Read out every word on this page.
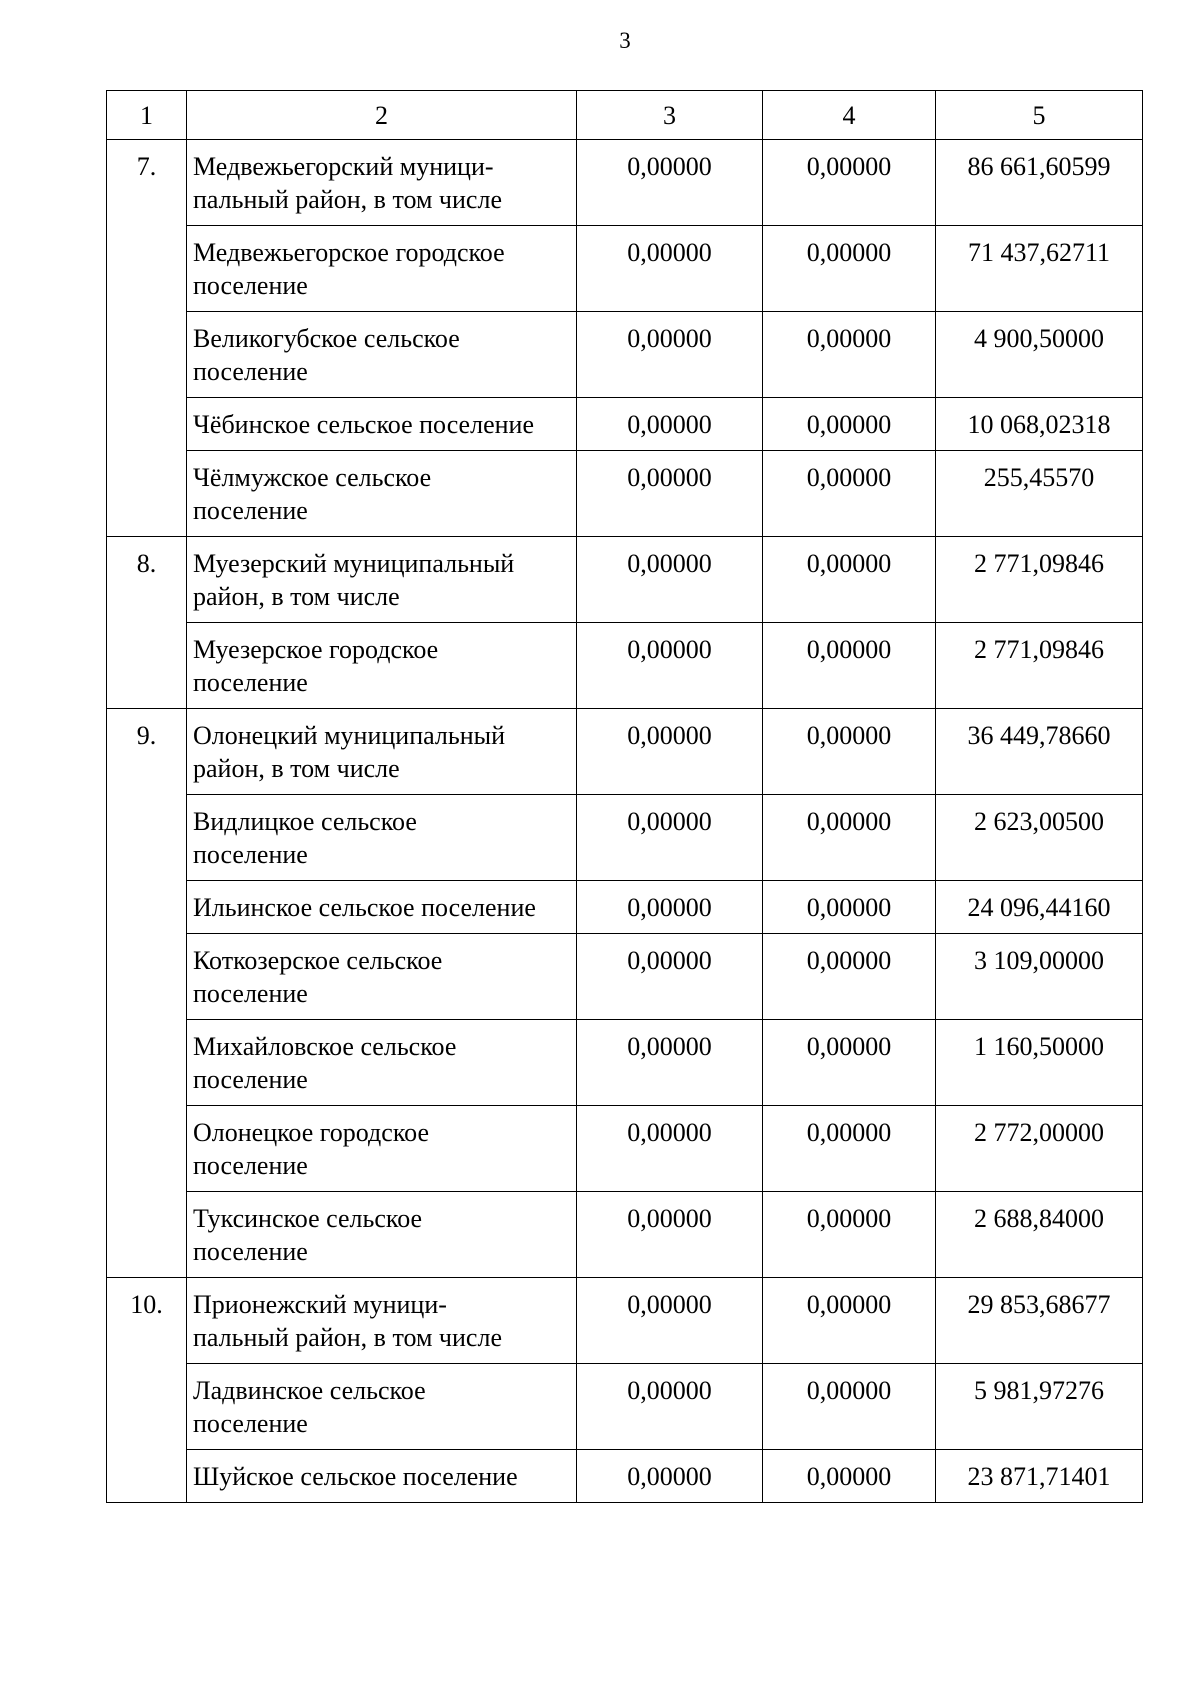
3
1	2	3	4	5
7.	Медвежьегорский муници-
пальный район, в том числе	0,00000	0,00000	86 661,60599
	Медвежьегорское городское
поселение	0,00000	0,00000	71 437,62711
	Великогубское сельское
поселение	0,00000	0,00000	4 900,50000
	Чёбинское сельское поселение	0,00000	0,00000	10 068,02318
	Чёлмужское сельское
поселение	0,00000	0,00000	255,45570
8.	Муезерский муниципальный
район, в том числе	0,00000	0,00000	2 771,09846
	Муезерское городское
поселение	0,00000	0,00000	2 771,09846
9.	Олонецкий муниципальный
район, в том числе	0,00000	0,00000	36 449,78660
	Видлицкое сельское
поселение	0,00000	0,00000	2 623,00500
	Ильинское сельское поселение	0,00000	0,00000	24 096,44160
	Коткозерское сельское
поселение	0,00000	0,00000	3 109,00000
	Михайловское сельское
поселение	0,00000	0,00000	1 160,50000
	Олонецкое городское
поселение	0,00000	0,00000	2 772,00000
	Туксинское сельское
поселение	0,00000	0,00000	2 688,84000
10.	Прионежский муници-
пальный район, в том числе	0,00000	0,00000	29 853,68677
	Ладвинское сельское
поселение	0,00000	0,00000	5 981,97276
	Шуйское сельское поселение	0,00000	0,00000	23 871,71401
